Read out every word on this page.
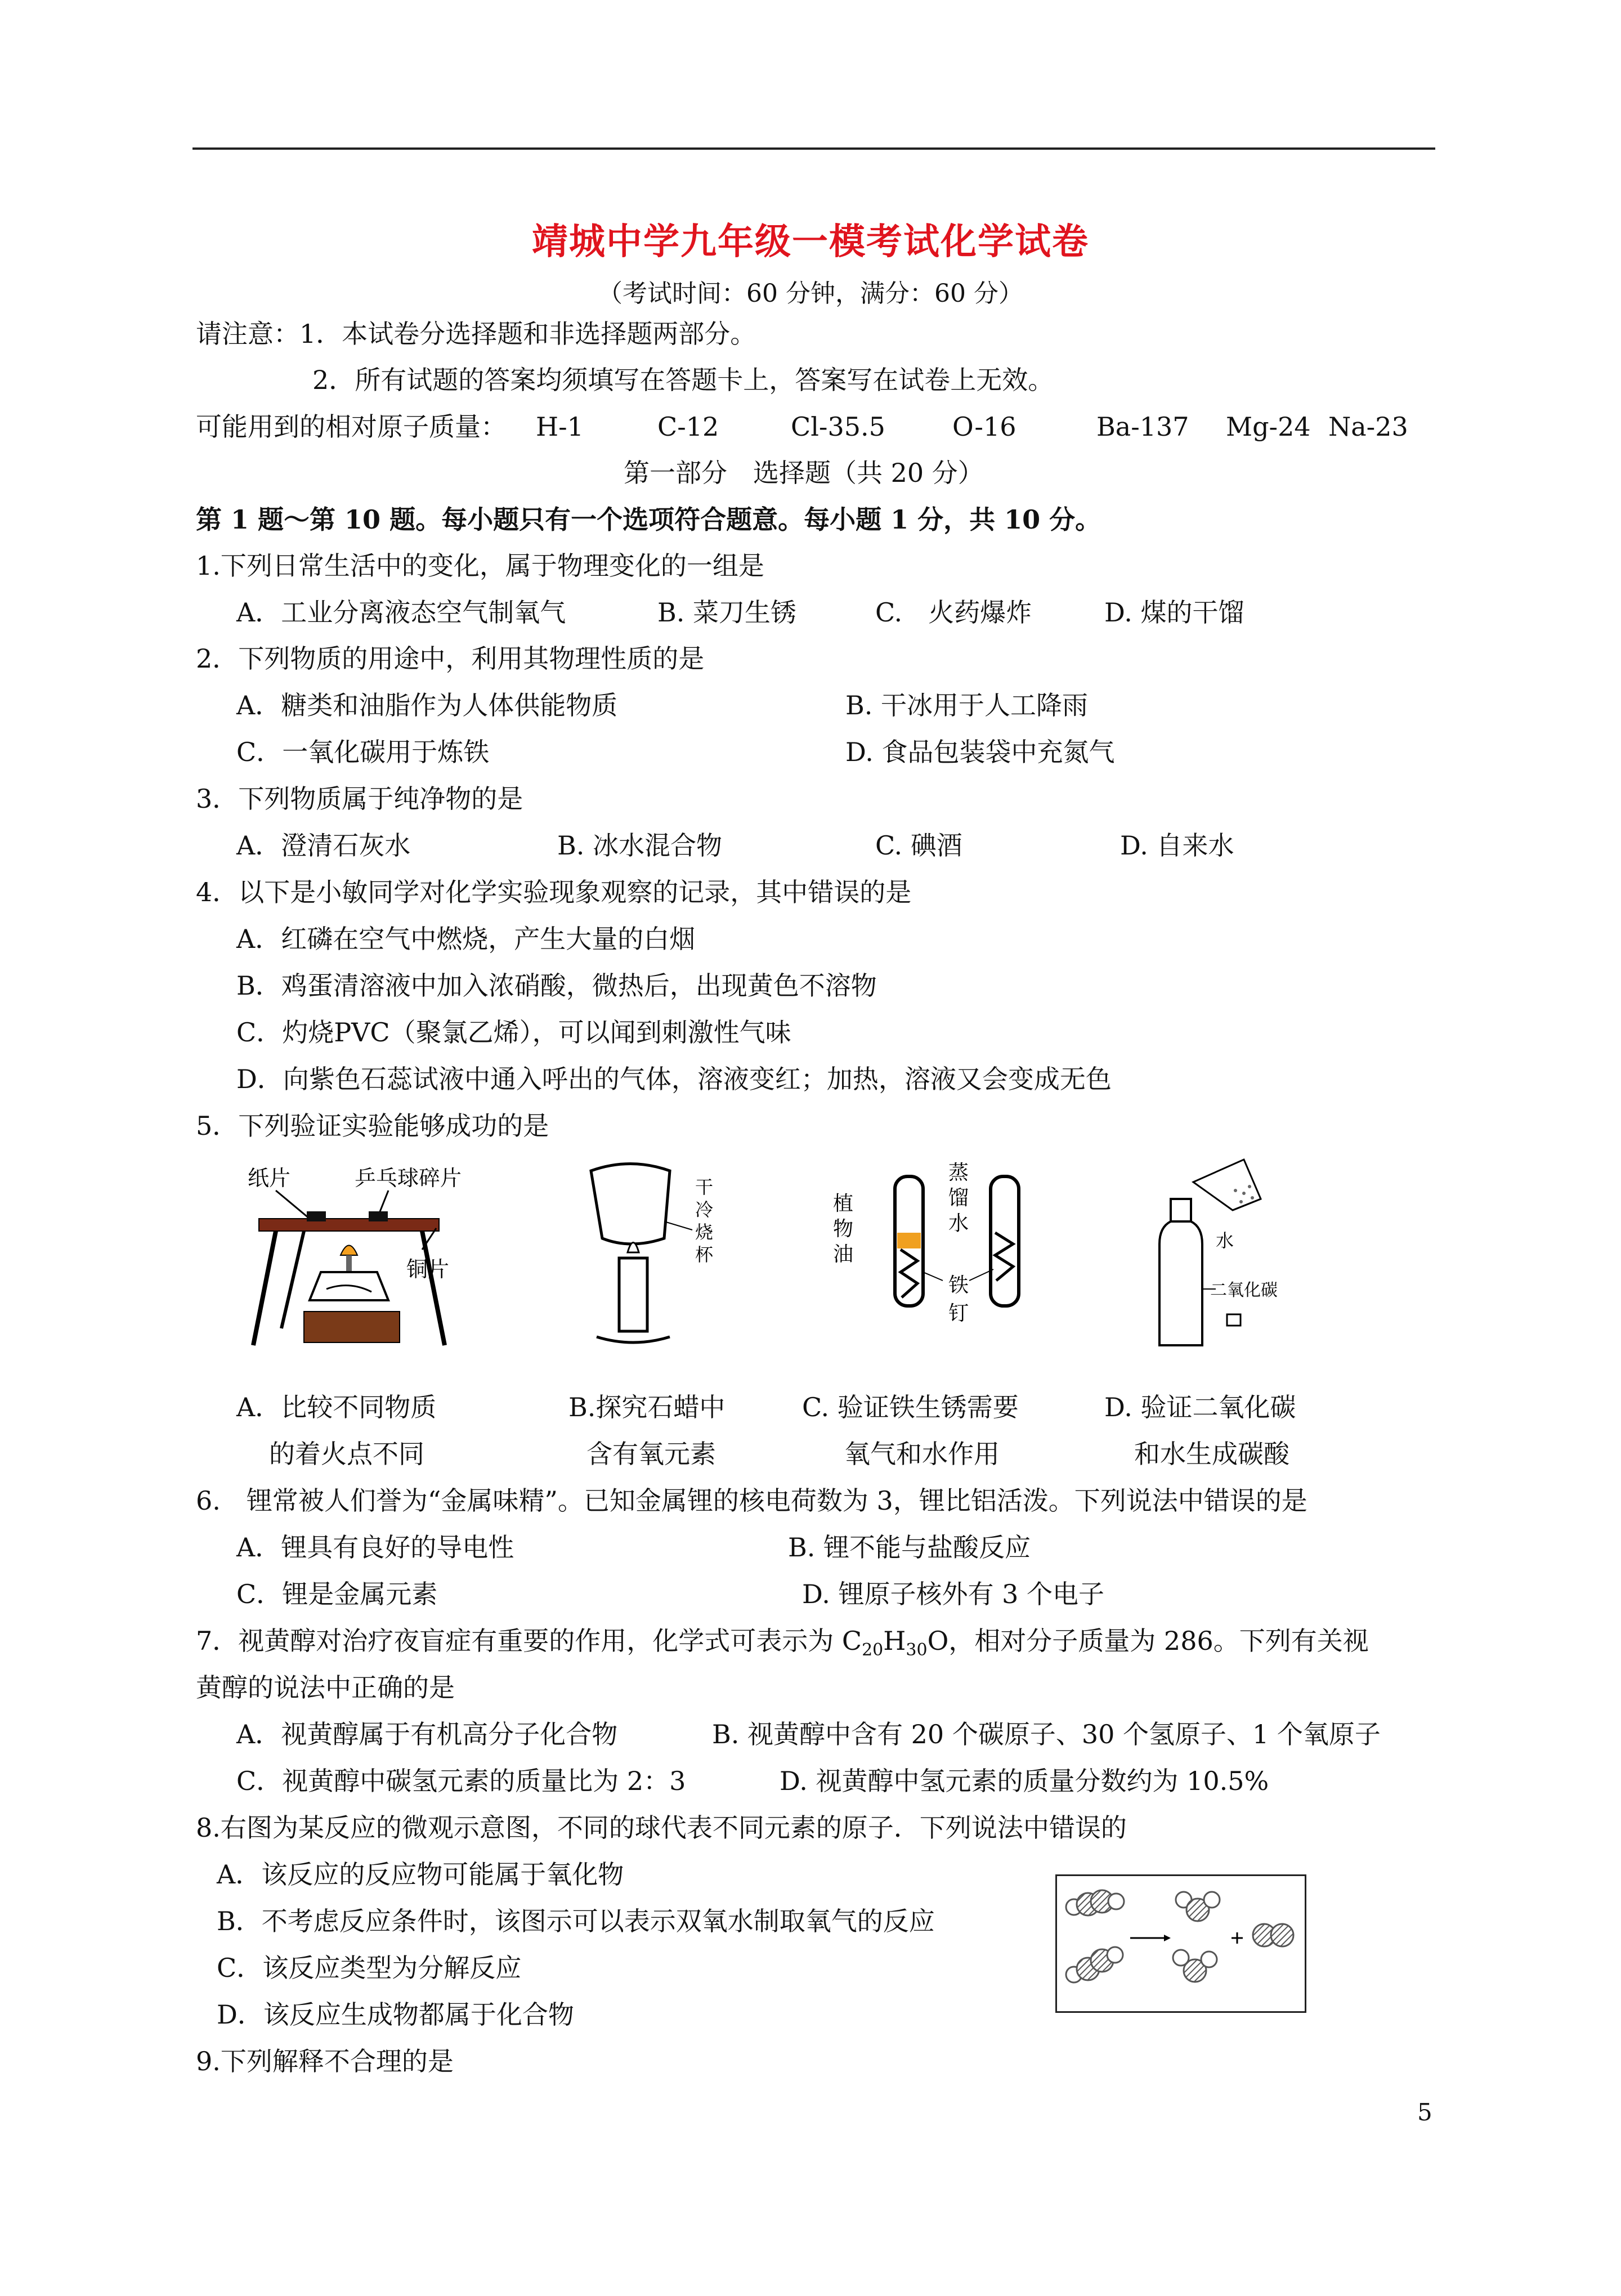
靖城中学九年级一模考试化学试卷
（考试时间：60 分钟，满分：60 分）
请注意：1．本试卷分选择题和非选择题两部分。
2．所有试题的答案均须填写在答题卡上，答案写在试卷上无效。
可能用到的相对原子质量： H-1	C-12	Cl-35.5	O-16	Ba-137 Mg-24 Na-23
第一部分　选择题（共 20 分）
第 1 题～第 10 题。每小题只有一个选项符合题意。每小题 1 分，共 10 分。
1.下列日常生活中的变化，属于物理变化的一组是
A．工业分离液态空气制氧气	B. 菜刀生锈	C.　火药爆炸	D. 煤的干馏
2．下列物质的用途中，利用其物理性质的是
A．糖类和油脂作为人体供能物质	B. 干冰用于人工降雨
C．一氧化碳用于炼铁	D. 食品包装袋中充氮气
3．下列物质属于纯净物的是
A．澄清石灰水	B. 冰水混合物	C. 碘酒	D. 自来水
4．以下是小敏同学对化学实验现象观察的记录，其中错误的是
A．红磷在空气中燃烧，产生大量的白烟
B．鸡蛋清溶液中加入浓硝酸，微热后，出现黄色不溶物
C．灼烧PVC（聚氯乙烯），可以闻到刺激性气味
D．向紫色石蕊试液中通入呼出的气体，溶液变红；加热，溶液又会变成无色
5．下列验证实验能够成功的是
纸片	乒乓球碎片
铜片
干
冷
烧
杯
植
物
油
蒸
馏
水
铁
钉
水
二氧化碳
A．比较不同物质
的着火点不同
B.探究石蜡中
含有氧元素
C. 验证铁生锈需要
氧气和水作用
D. 验证二氧化碳
和水生成碳酸
6.　锂常被人们誉为“金属味精”。已知金属锂的核电荷数为 3，锂比铝活泼。下列说法中错误的是
A．锂具有良好的导电性	B. 锂不能与盐酸反应
C．锂是金属元素	D. 锂原子核外有 3 个电子
7．视黄醇对治疗夜盲症有重要的作用，化学式可表示为 $C_{20}H_{30}O$，相对分子质量为 286。下列有关视
黄醇的说法中正确的是
A．视黄醇属于有机高分子化合物	B. 视黄醇中含有 20 个碳原子、30 个氢原子、1 个氧原子
C．视黄醇中碳氢元素的质量比为 2：3	D. 视黄醇中氢元素的质量分数约为 10.5%
8.右图为某反应的微观示意图，不同的球代表不同元素的原子．下列说法中错误的
A．该反应的反应物可能属于氧化物
B．不考虑反应条件时，该图示可以表示双氧水制取氧气的反应
C．该反应类型为分解反应
D．该反应生成物都属于化合物
9.下列解释不合理的是
5
